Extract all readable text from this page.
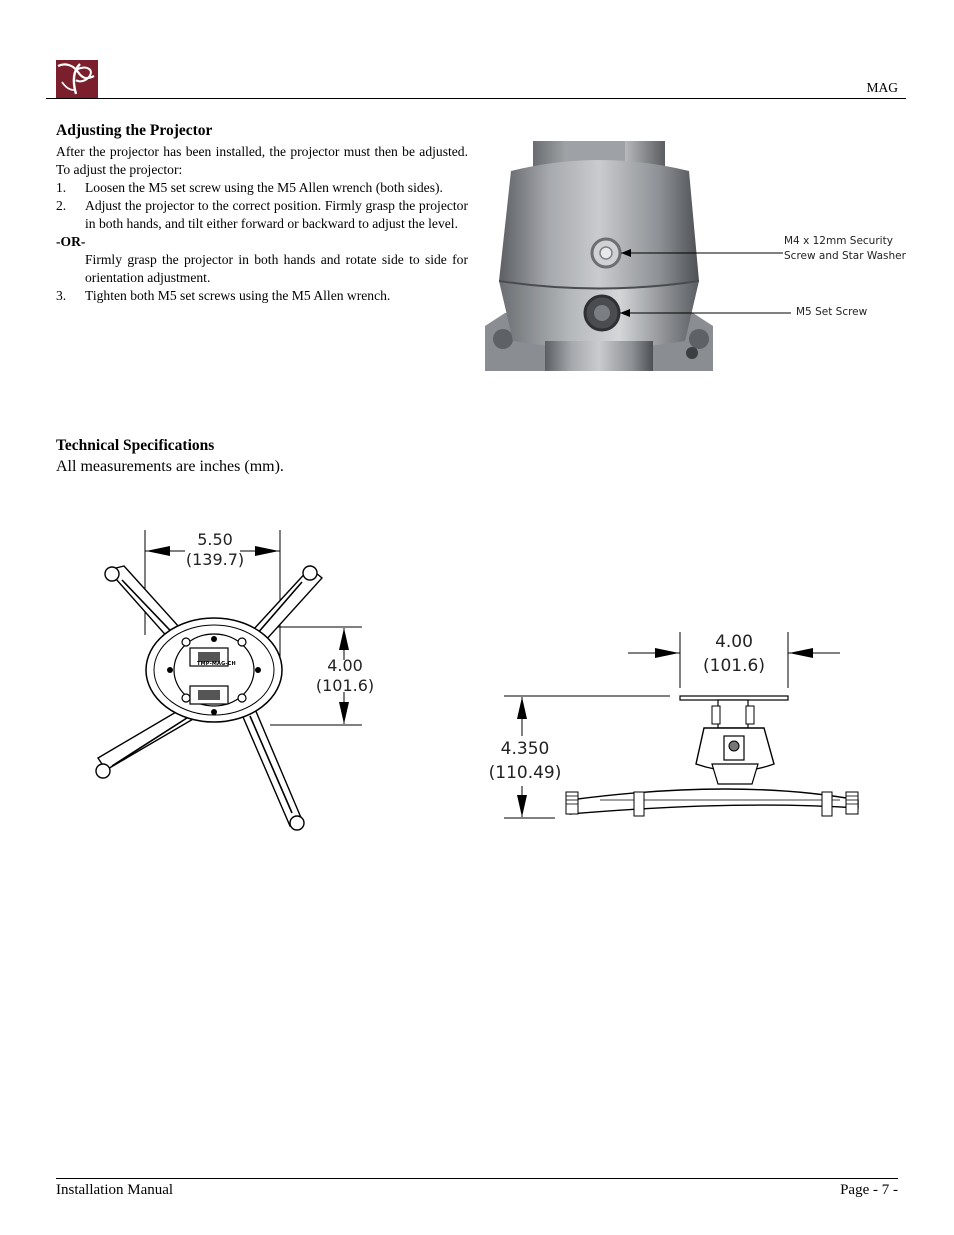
MAG
Adjusting the Projector
After the projector has been installed, the projector must then be adjusted. To adjust the projector:
1. Loosen the M5 set screw using the M5 Allen wrench (both sides).
2. Adjust the projector to the correct position. Firmly grasp the projector in both hands, and tilt either forward or backward to adjust the level.
-OR-
Firmly grasp the projector in both hands and rotate side to side for orientation adjustment.
3. Tighten both M5 set screws using the M5 Allen wrench.
M4 x 12mm Security
Screw and Star Washer
M5 Set Screw
Technical Specifications
All measurements are inches (mm).
TMP-MAG-CH
5.50
(139.7)
4.00
(101.6)
4.00
(101.6)
4.350
(110.49)
Installation Manual	Page - 7 -
